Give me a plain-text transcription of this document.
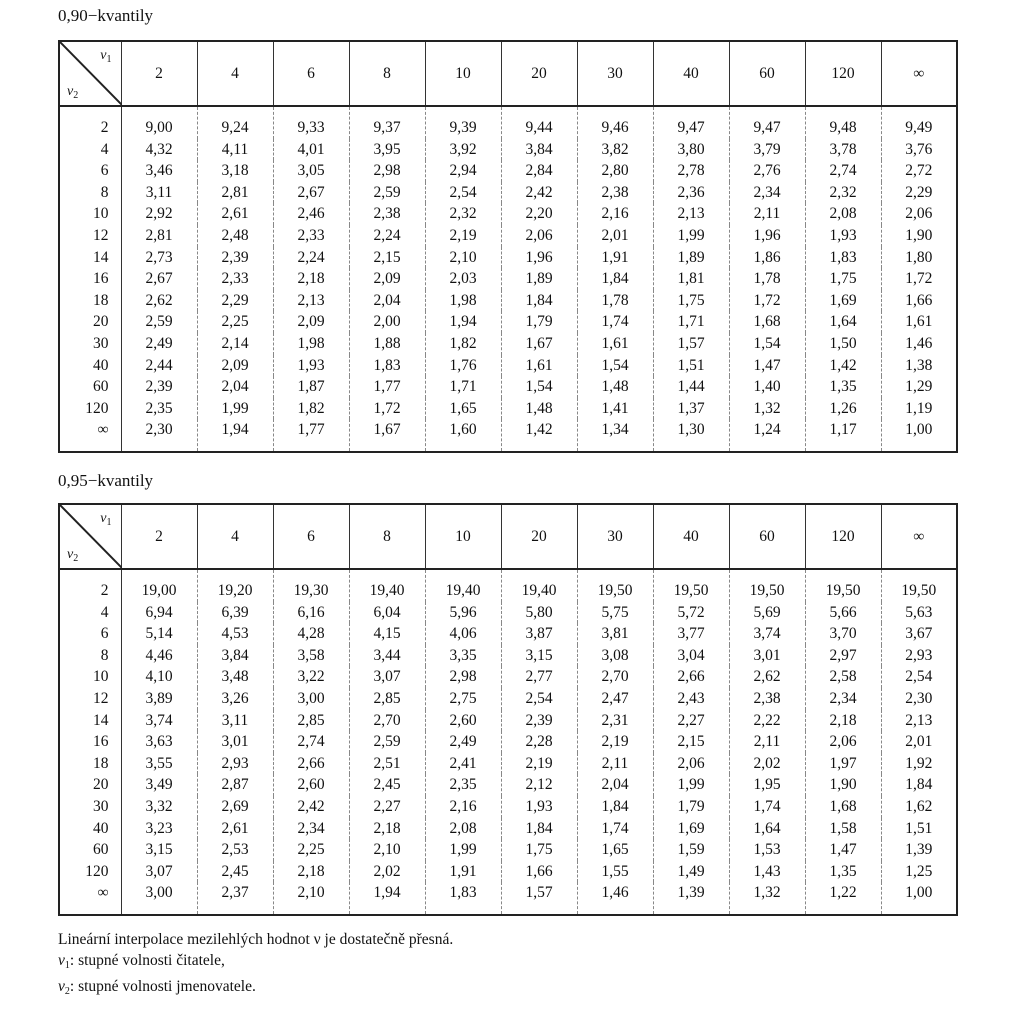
0,90−kvantily
$\nu_1$
$\nu_2$	2	4	6	8	10	20	30	40	60	120	∞
2	9,00	9,24	9,33	9,37	9,39	9,44	9,46	9,47	9,47	9,48	9,49
4	4,32	4,11	4,01	3,95	3,92	3,84	3,82	3,80	3,79	3,78	3,76
6	3,46	3,18	3,05	2,98	2,94	2,84	2,80	2,78	2,76	2,74	2,72
8	3,11	2,81	2,67	2,59	2,54	2,42	2,38	2,36	2,34	2,32	2,29
10	2,92	2,61	2,46	2,38	2,32	2,20	2,16	2,13	2,11	2,08	2,06
12	2,81	2,48	2,33	2,24	2,19	2,06	2,01	1,99	1,96	1,93	1,90
14	2,73	2,39	2,24	2,15	2,10	1,96	1,91	1,89	1,86	1,83	1,80
16	2,67	2,33	2,18	2,09	2,03	1,89	1,84	1,81	1,78	1,75	1,72
18	2,62	2,29	2,13	2,04	1,98	1,84	1,78	1,75	1,72	1,69	1,66
20	2,59	2,25	2,09	2,00	1,94	1,79	1,74	1,71	1,68	1,64	1,61
30	2,49	2,14	1,98	1,88	1,82	1,67	1,61	1,57	1,54	1,50	1,46
40	2,44	2,09	1,93	1,83	1,76	1,61	1,54	1,51	1,47	1,42	1,38
60	2,39	2,04	1,87	1,77	1,71	1,54	1,48	1,44	1,40	1,35	1,29
120	2,35	1,99	1,82	1,72	1,65	1,48	1,41	1,37	1,32	1,26	1,19
∞	2,30	1,94	1,77	1,67	1,60	1,42	1,34	1,30	1,24	1,17	1,00
0,95−kvantily
$\nu_1$
$\nu_2$	2	4	6	8	10	20	30	40	60	120	∞
2	19,00	19,20	19,30	19,40	19,40	19,40	19,50	19,50	19,50	19,50	19,50
4	6,94	6,39	6,16	6,04	5,96	5,80	5,75	5,72	5,69	5,66	5,63
6	5,14	4,53	4,28	4,15	4,06	3,87	3,81	3,77	3,74	3,70	3,67
8	4,46	3,84	3,58	3,44	3,35	3,15	3,08	3,04	3,01	2,97	2,93
10	4,10	3,48	3,22	3,07	2,98	2,77	2,70	2,66	2,62	2,58	2,54
12	3,89	3,26	3,00	2,85	2,75	2,54	2,47	2,43	2,38	2,34	2,30
14	3,74	3,11	2,85	2,70	2,60	2,39	2,31	2,27	2,22	2,18	2,13
16	3,63	3,01	2,74	2,59	2,49	2,28	2,19	2,15	2,11	2,06	2,01
18	3,55	2,93	2,66	2,51	2,41	2,19	2,11	2,06	2,02	1,97	1,92
20	3,49	2,87	2,60	2,45	2,35	2,12	2,04	1,99	1,95	1,90	1,84
30	3,32	2,69	2,42	2,27	2,16	1,93	1,84	1,79	1,74	1,68	1,62
40	3,23	2,61	2,34	2,18	2,08	1,84	1,74	1,69	1,64	1,58	1,51
60	3,15	2,53	2,25	2,10	1,99	1,75	1,65	1,59	1,53	1,47	1,39
120	3,07	2,45	2,18	2,02	1,91	1,66	1,55	1,49	1,43	1,35	1,25
∞	3,00	2,37	2,10	1,94	1,83	1,57	1,46	1,39	1,32	1,22	1,00
Lineární interpolace mezilehlých hodnot ν je dostatečně přesná.
$\nu_1$: stupné volnosti čitatele,
$\nu_2$: stupné volnosti jmenovatele.
